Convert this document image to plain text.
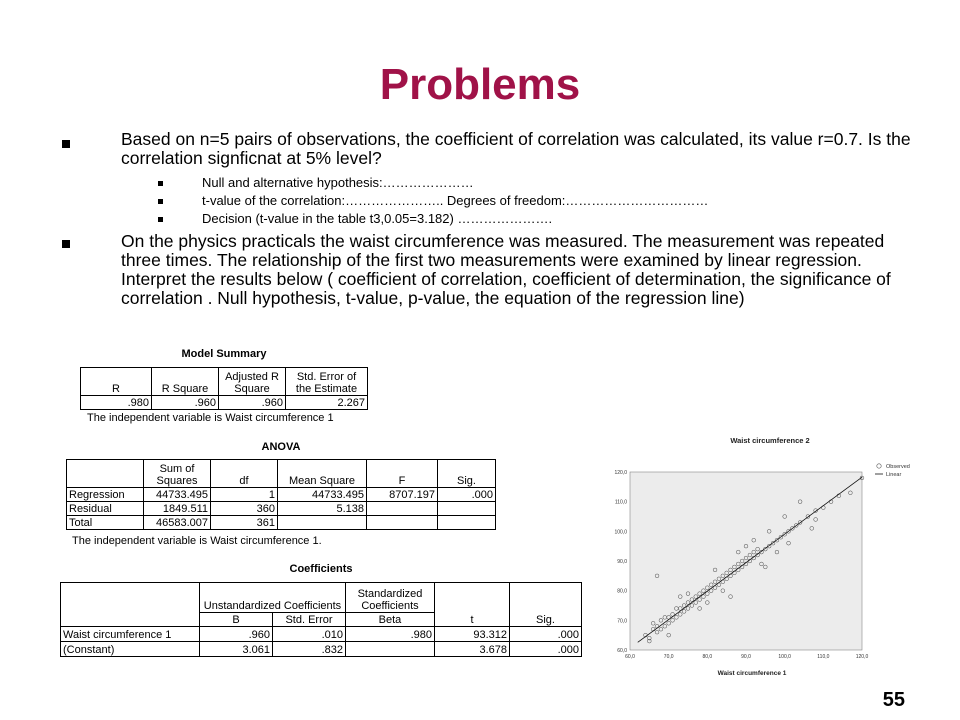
Problems
Based on n=5 pairs of observations, the coefficient of correlation was calculated, its value r=0.7. Is the correlation signficnat at 5% level?
Null and alternative hypothesis:…………………
t-value of the correlation:………………….. Degrees of freedom:……………………………
Decision (t-value in the table t3,0.05=3.182) ………………….
On the physics practicals the waist circumference was measured. The measurement was repeated three times. The relationship of the first two measurements were examined by linear regression. Interpret the results below ( coefficient of correlation, coefficient of determination, the significance of correlation . Null hypothesis, t-value, p-value, the equation of the regression line)
Model Summary
R	R Square	Adjusted R Square	Std. Error of the Estimate
.980	.960	.960	2.267
The independent variable is Waist circumference 1
ANOVA
	Sum of Squares	df	Mean Square	F	Sig.
Regression	44733.495	1	44733.495	8707.197	.000
Residual	1849.511	360	5.138		
Total	46583.007	361			
The independent variable is Waist circumference 1.
Coefficients
	Unstandardized Coefficients		Standardized Coefficients	t	Sig.
	B	Std. Error	Beta		
Waist circumference 1	.960	.010	.980	93.312	.000
(Constant)	3.061	.832		3.678	.000
Waist circumference 2
60,0	70,0	80,0	90,0	100,0	110,0	120,0
60,0
70,0
80,0
90,0
100,0
110,0
120,0
Waist circumference 1
Observed
Linear
55
